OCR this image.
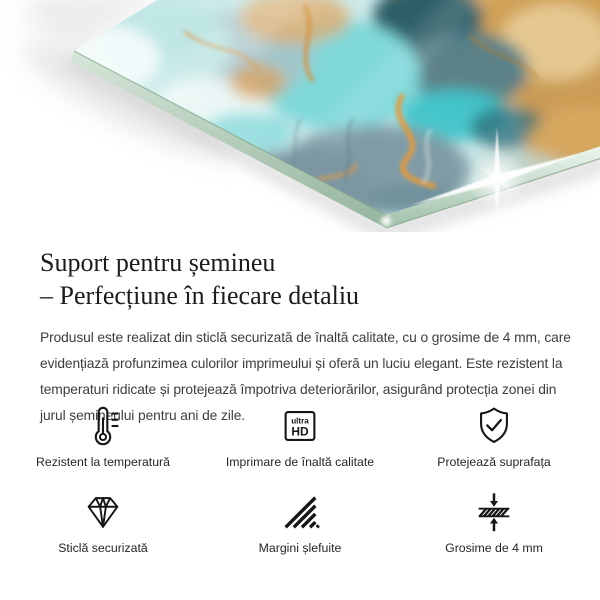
Suport pentru șemineu
– Perfecțiune în fiecare detaliu

Produsul este realizat din sticlă securizată de înaltă calitate, cu o grosime de 4 mm, care evidențiază profunzimea culorilor imprimeului și oferă un luciu elegant. Este rezistent la temperaturi ridicate și protejează împotriva deteriorărilor, asigurând protecția zonei din jurul șemineului pentru ani de zile.

Rezistent la temperatură
ultra
HD
Imprimare de înaltă calitate	Protejează suprafața
Sticlă securizată	Margini șlefuite	Grosime de 4 mm
